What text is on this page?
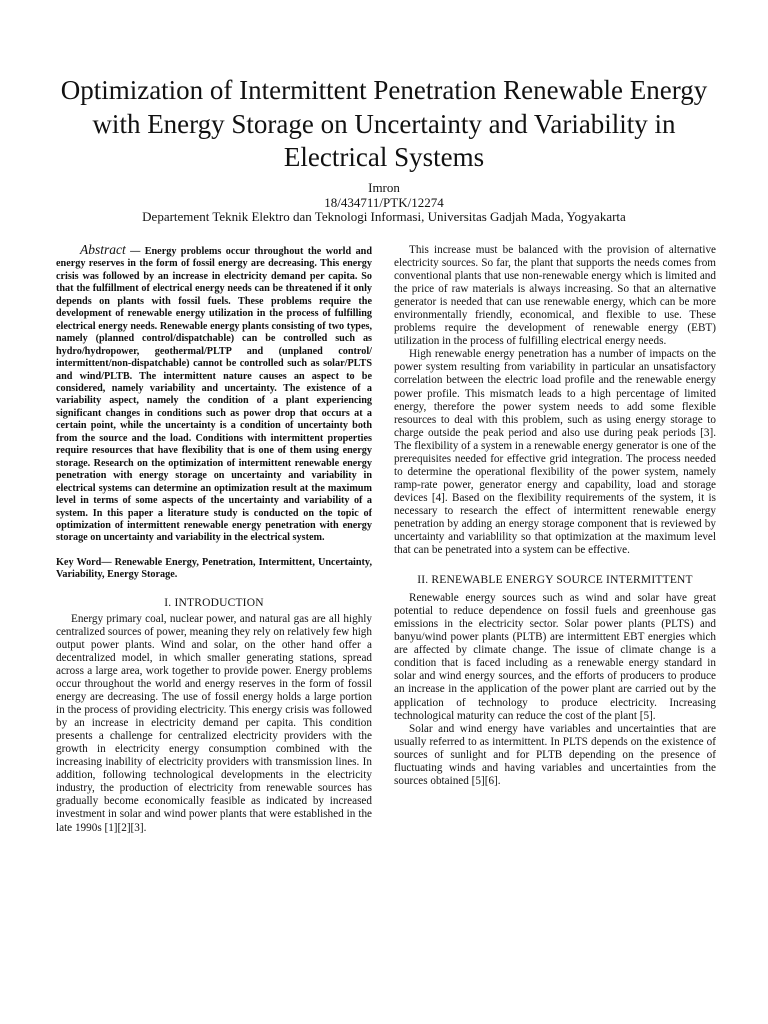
Optimization of Intermittent Penetration Renewable Energy with Energy Storage on Uncertainty and Variability in Electrical Systems

Imron

18/434711/PTK/12274

Departement Teknik Elektro dan Teknologi Informasi, Universitas Gadjah Mada, Yogyakarta

Abstract — Energy problems occur throughout the world and energy reserves in the form of fossil energy are decreasing. This energy crisis was followed by an increase in electricity demand per capita. So that the fulfillment of electrical energy needs can be threatened if it only depends on plants with fossil fuels. These problems require the development of renewable energy utilization in the process of fulfilling electrical energy needs. Renewable energy plants consisting of two types, namely (planned control/dispatchable) can be controlled such as hydro/hydropower, geothermal/PLTP and (unplaned control/ intermittent/non-dispatchable) cannot be controlled such as solar/PLTS and wind/PLTB. The intermittent nature causes an aspect to be considered, namely variability and uncertainty. The existence of a variability aspect, namely the condition of a plant experiencing significant changes in conditions such as power drop that occurs at a certain point, while the uncertainty is a condition of uncertainty both from the source and the load. Conditions with intermittent properties require resources that have flexibility that is one of them using energy storage. Research on the optimization of intermittent renewable energy penetration with energy storage on uncertainty and variability in electrical systems can determine an optimization result at the maximum level in terms of some aspects of the uncertainty and variability of a system. In this paper a literature study is conducted on the topic of optimization of intermittent renewable energy penetration with energy storage on uncertainty and variability in the electrical system.

Key Word— Renewable Energy, Penetration, Intermittent, Uncertainty, Variability, Energy Storage.

I. INTRODUCTION

Energy primary coal, nuclear power, and natural gas are all highly centralized sources of power, meaning they rely on relatively few high output power plants. Wind and solar, on the other hand offer a decentralized model, in which smaller generating stations, spread across a large area, work together to provide power. Energy problems occur throughout the world and energy reserves in the form of fossil energy are decreasing. The use of fossil energy holds a large portion in the process of providing electricity. This energy crisis was followed by an increase in electricity demand per capita. This condition presents a challenge for centralized electricity providers with the growth in electricity energy consumption combined with the increasing inability of electricity providers with transmission lines. In addition, following technological developments in the electricity industry, the production of electricity from renewable sources has gradually become economically feasible as indicated by increased investment in solar and wind power plants that were established in the late 1990s [1][2][3].

This increase must be balanced with the provision of alternative electricity sources. So far, the plant that supports the needs comes from conventional plants that use non-renewable energy which is limited and the price of raw materials is always increasing. So that an alternative generator is needed that can use renewable energy, which can be more environmentally friendly, economical, and flexible to use. These problems require the development of renewable energy (EBT) utilization in the process of fulfilling electrical energy needs.

High renewable energy penetration has a number of impacts on the power system resulting from variability in particular an unsatisfactory correlation between the electric load profile and the renewable energy power profile. This mismatch leads to a high percentage of limited energy, therefore the power system needs to add some flexible resources to deal with this problem, such as using energy storage to charge outside the peak period and also use during peak periods [3]. The flexibility of a system in a renewable energy generator is one of the prerequisites needed for effective grid integration. The process needed to determine the operational flexibility of the power system, namely ramp-rate power, generator energy and capability, load and storage devices [4]. Based on the flexibility requirements of the system, it is necessary to research the effect of intermittent renewable energy penetration by adding an energy storage component that is reviewed by uncertainty and variablility so that optimization at the maximum level that can be penetrated into a system can be effective.

II. RENEWABLE ENERGY SOURCE INTERMITTENT

Renewable energy sources such as wind and solar have great potential to reduce dependence on fossil fuels and greenhouse gas emissions in the electricity sector. Solar power plants (PLTS) and banyu/wind power plants (PLTB) are intermittent EBT energies which are affected by climate change. The issue of climate change is a condition that is faced including as a renewable energy standard in solar and wind energy sources, and the efforts of producers to produce an increase in the application of the power plant are carried out by the application of technology to produce electricity. Increasing technological maturity can reduce the cost of the plant [5].

Solar and wind energy have variables and uncertainties that are usually referred to as intermittent. In PLTS depends on the existence of sources of sunlight and for PLTB depending on the presence of fluctuating winds and having variables and uncertainties from the sources obtained [5][6].
